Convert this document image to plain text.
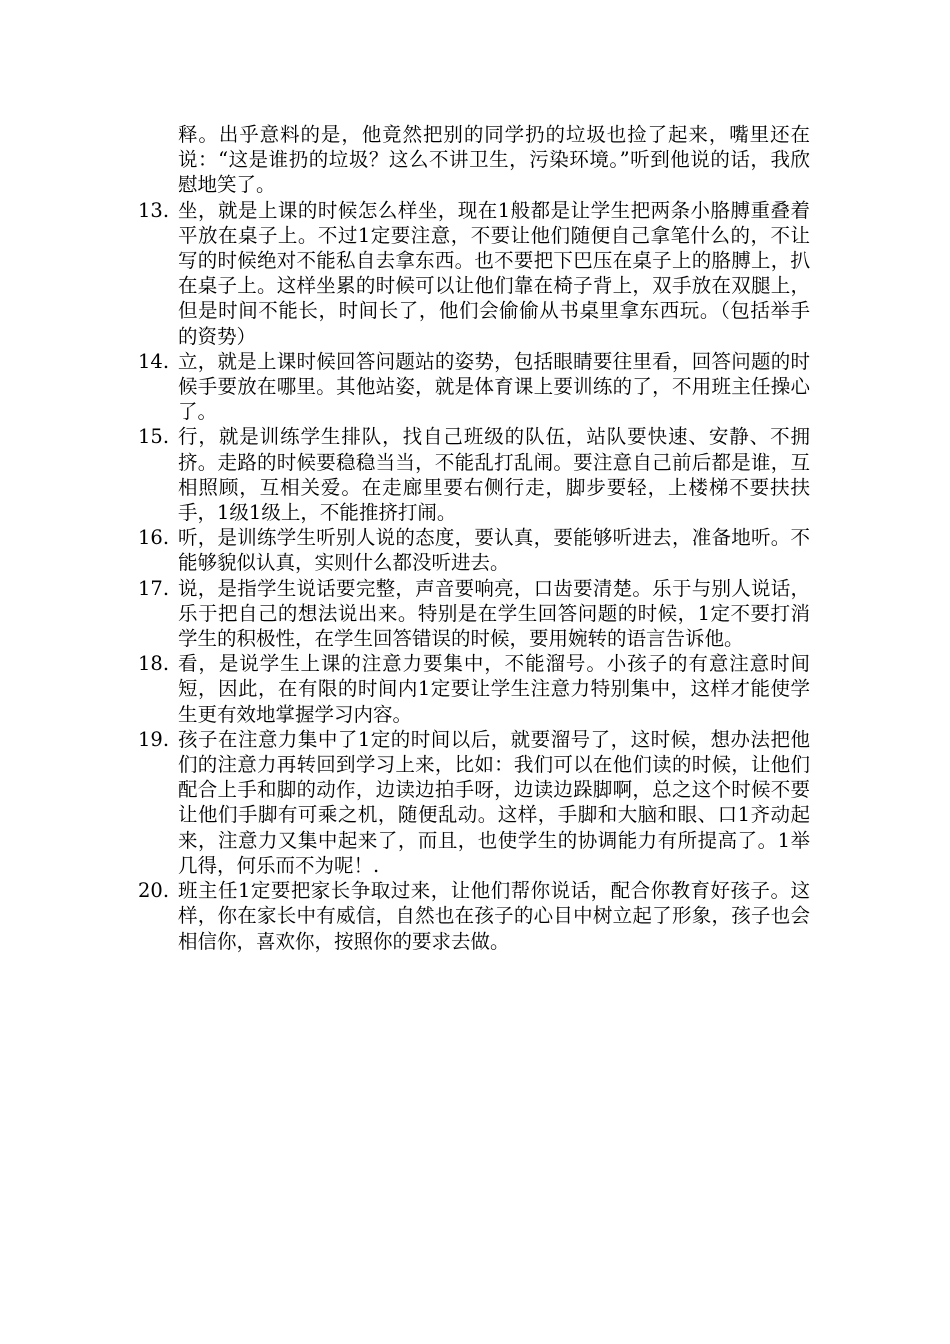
释。出乎意料的是，他竟然把别的同学扔的垃圾也捡了起来，嘴里还在说：“这是谁扔的垃圾？这么不讲卫生，污染环境。”听到他说的话，我欣慰地笑了。
13. 坐，就是上课的时候怎么样坐，现在1般都是让学生把两条小胳膊重叠着平放在桌子上。不过1定要注意，不要让他们随便自己拿笔什么的，不让写的时候绝对不能私自去拿东西。也不要把下巴压在桌子上的胳膊上，扒在桌子上。这样坐累的时候可以让他们靠在椅子背上，双手放在双腿上，但是时间不能长，时间长了，他们会偷偷从书桌里拿东西玩。（包括举手的资势）
14. 立，就是上课时候回答问题站的姿势，包括眼睛要往里看，回答问题的时候手要放在哪里。其他站姿，就是体育课上要训练的了，不用班主任操心了。
15. 行，就是训练学生排队，找自己班级的队伍，站队要快速、安静、不拥挤。走路的时候要稳稳当当，不能乱打乱闹。要注意自己前后都是谁，互相照顾，互相关爱。在走廊里要右侧行走，脚步要轻，上楼梯不要扶扶手，1级1级上，不能推挤打闹。
16. 听，是训练学生听别人说的态度，要认真，要能够听进去，准备地听。不能够貌似认真，实则什么都没听进去。
17. 说，是指学生说话要完整，声音要响亮，口齿要清楚。乐于与别人说话，乐于把自己的想法说出来。特别是在学生回答问题的时候，1定不要打消学生的积极性，在学生回答错误的时候，要用婉转的语言告诉他。
18. 看，是说学生上课的注意力要集中，不能溜号。小孩子的有意注意时间短，因此，在有限的时间内1定要让学生注意力特别集中，这样才能使学生更有效地掌握学习内容。
19. 孩子在注意力集中了1定的时间以后，就要溜号了，这时候，想办法把他们的注意力再转回到学习上来，比如：我们可以在他们读的时候，让他们配合上手和脚的动作，边读边拍手呀，边读边跺脚啊，总之这个时候不要让他们手脚有可乘之机，随便乱动。这样，手脚和大脑和眼、口1齐动起来，注意力又集中起来了，而且，也使学生的协调能力有所提高了。1举几得，何乐而不为呢！.
20. 班主任1定要把家长争取过来，让他们帮你说话，配合你教育好孩子。这样，你在家长中有威信，自然也在孩子的心目中树立起了形象，孩子也会相信你，喜欢你，按照你的要求去做。
